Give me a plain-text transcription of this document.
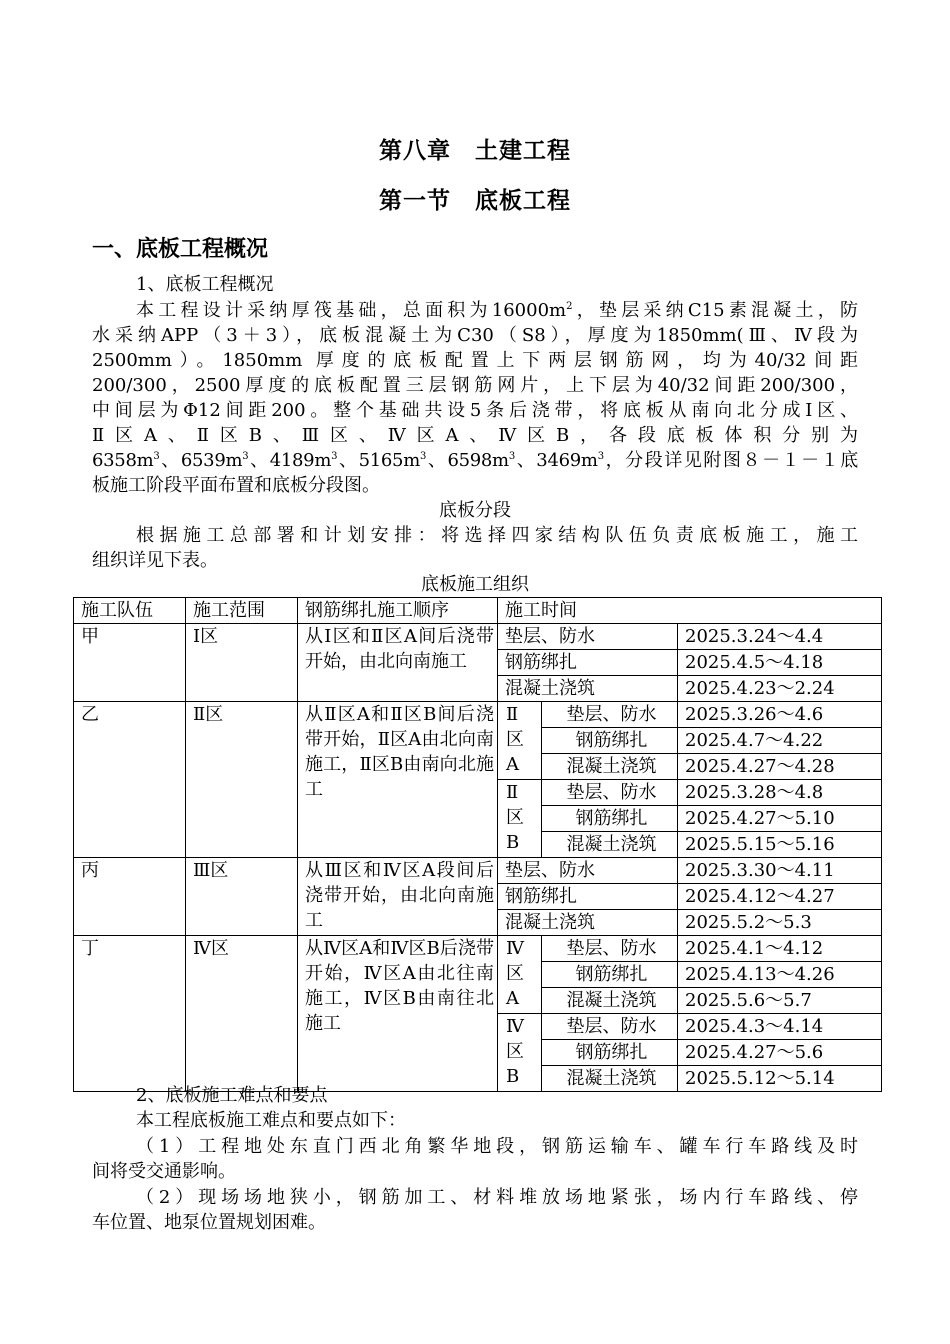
第八章　土建工程
第一节　底板工程
一、底板工程概况
1、底板工程概况
本工程设计采纳厚筏基础，总面积为$16000m^2$，垫层采纳C15素混凝土，防
水采纳APP（3＋3），底板混凝土为C30（S8），厚度为1850mm(Ⅲ、Ⅳ段为
2500mm）。1850mm 厚度的底板配置上下两层钢筋网，均为40/32间距
200/300，2500厚度的底板配置三层钢筋网片，上下层为40/32间距200/300，
中间层为Φ12间距200。整个基础共设5条后浇带，将底板从南向北分成Ⅰ区、
Ⅱ区A、Ⅱ区B、Ⅲ区、Ⅳ区A、Ⅳ区B，各段底板体积分别为
$6358m^3$、$6539m^3$、$4189m^3$、$5165m^3$、$6598m^3$、$3469m^3$，分段详见附图８－１－１底
板施工阶段平面布置和底板分段图。
底板分段
根据施工总部署和计划安排：将选择四家结构队伍负责底板施工，施工
组织详见下表。
底板施工组织
施工队伍	施工范围	钢筋绑扎施工顺序	施工时间		
甲	Ⅰ区	从Ⅰ区和Ⅱ区A间后浇带开始，由北向南施工	垫层、防水		2025.3.24～4.4
			钢筋绑扎		2025.4.5～4.18
			混凝土浇筑		2025.4.23～2.24
乙	Ⅱ区	从Ⅱ区A和Ⅱ区B间后浇带开始，Ⅱ区A由北向南施工，Ⅱ区B由南向北施工	Ⅱ区A	垫层、防水	2025.3.26～4.6
				钢筋绑扎	2025.4.7～4.22
				混凝土浇筑	2025.4.27～4.28
			Ⅱ区B	垫层、防水	2025.3.28～4.8
				钢筋绑扎	2025.4.27～5.10
				混凝土浇筑	2025.5.15～5.16
丙	Ⅲ区	从Ⅲ区和Ⅳ区A段间后浇带开始，由北向南施工	垫层、防水		2025.3.30～4.11
			钢筋绑扎		2025.4.12～4.27
			混凝土浇筑		2025.5.2～5.3
丁	Ⅳ区	从Ⅳ区A和Ⅳ区B后浇带开始，Ⅳ区A由北往南施工，Ⅳ区B由南往北施工	Ⅳ区A	垫层、防水	2025.4.1～4.12
				钢筋绑扎	2025.4.13～4.26
				混凝土浇筑	2025.5.6～5.7
			Ⅳ区B	垫层、防水	2025.4.3～4.14
				钢筋绑扎	2025.4.27～5.6
				混凝土浇筑	2025.5.12～5.14
2、底板施工难点和要点
本工程底板施工难点和要点如下：
（1）工程地处东直门西北角繁华地段，钢筋运输车、罐车行车路线及时
间将受交通影响。
（2）现场场地狭小，钢筋加工、材料堆放场地紧张，场内行车路线、停
车位置、地泵位置规划困难。
